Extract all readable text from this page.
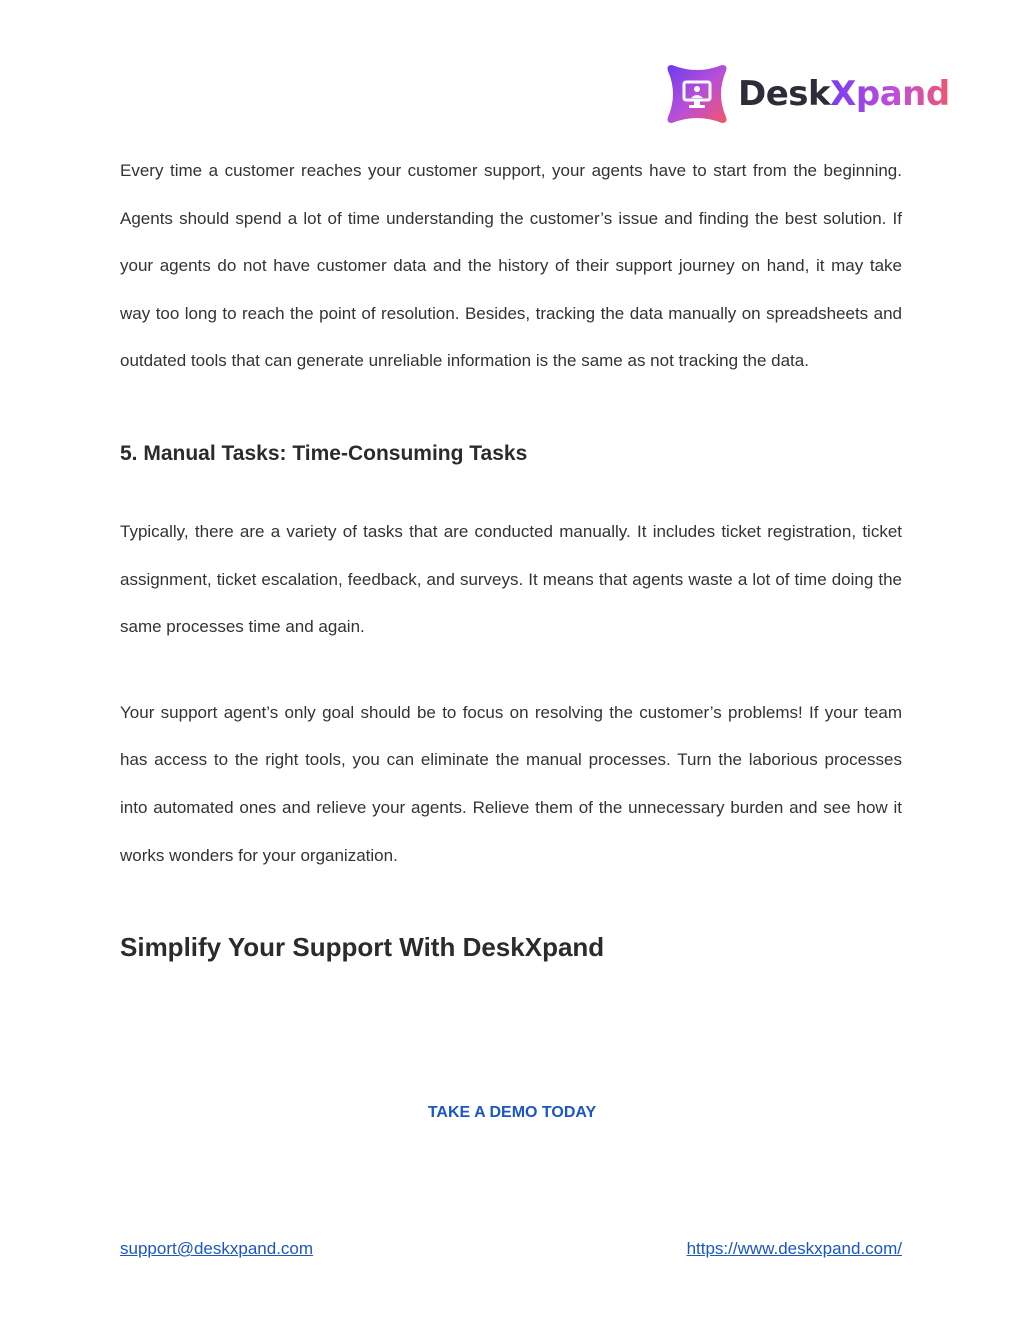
DeskXpand

Every time a customer reaches your customer support, your agents have to start from the beginning. Agents should spend a lot of time understanding the customer’s issue and finding the best solution. If your agents do not have customer data and the history of their support journey on hand, it may take way too long to reach the point of resolution. Besides, tracking the data manually on spreadsheets and outdated tools that can generate unreliable information is the same as not tracking the data.

5. Manual Tasks: Time-Consuming Tasks

Typically, there are a variety of tasks that are conducted manually. It includes ticket registration, ticket assignment, ticket escalation, feedback, and surveys. It means that agents waste a lot of time doing the same processes time and again.

Your support agent’s only goal should be to focus on resolving the customer’s problems! If your team has access to the right tools, you can eliminate the manual processes. Turn the laborious processes into automated ones and relieve your agents. Relieve them of the unnecessary burden and see how it works wonders for your organization.

Simplify Your Support With DeskXpand
TAKE A DEMO TODAY
support@deskxpand.com	https://www.deskxpand.com/
